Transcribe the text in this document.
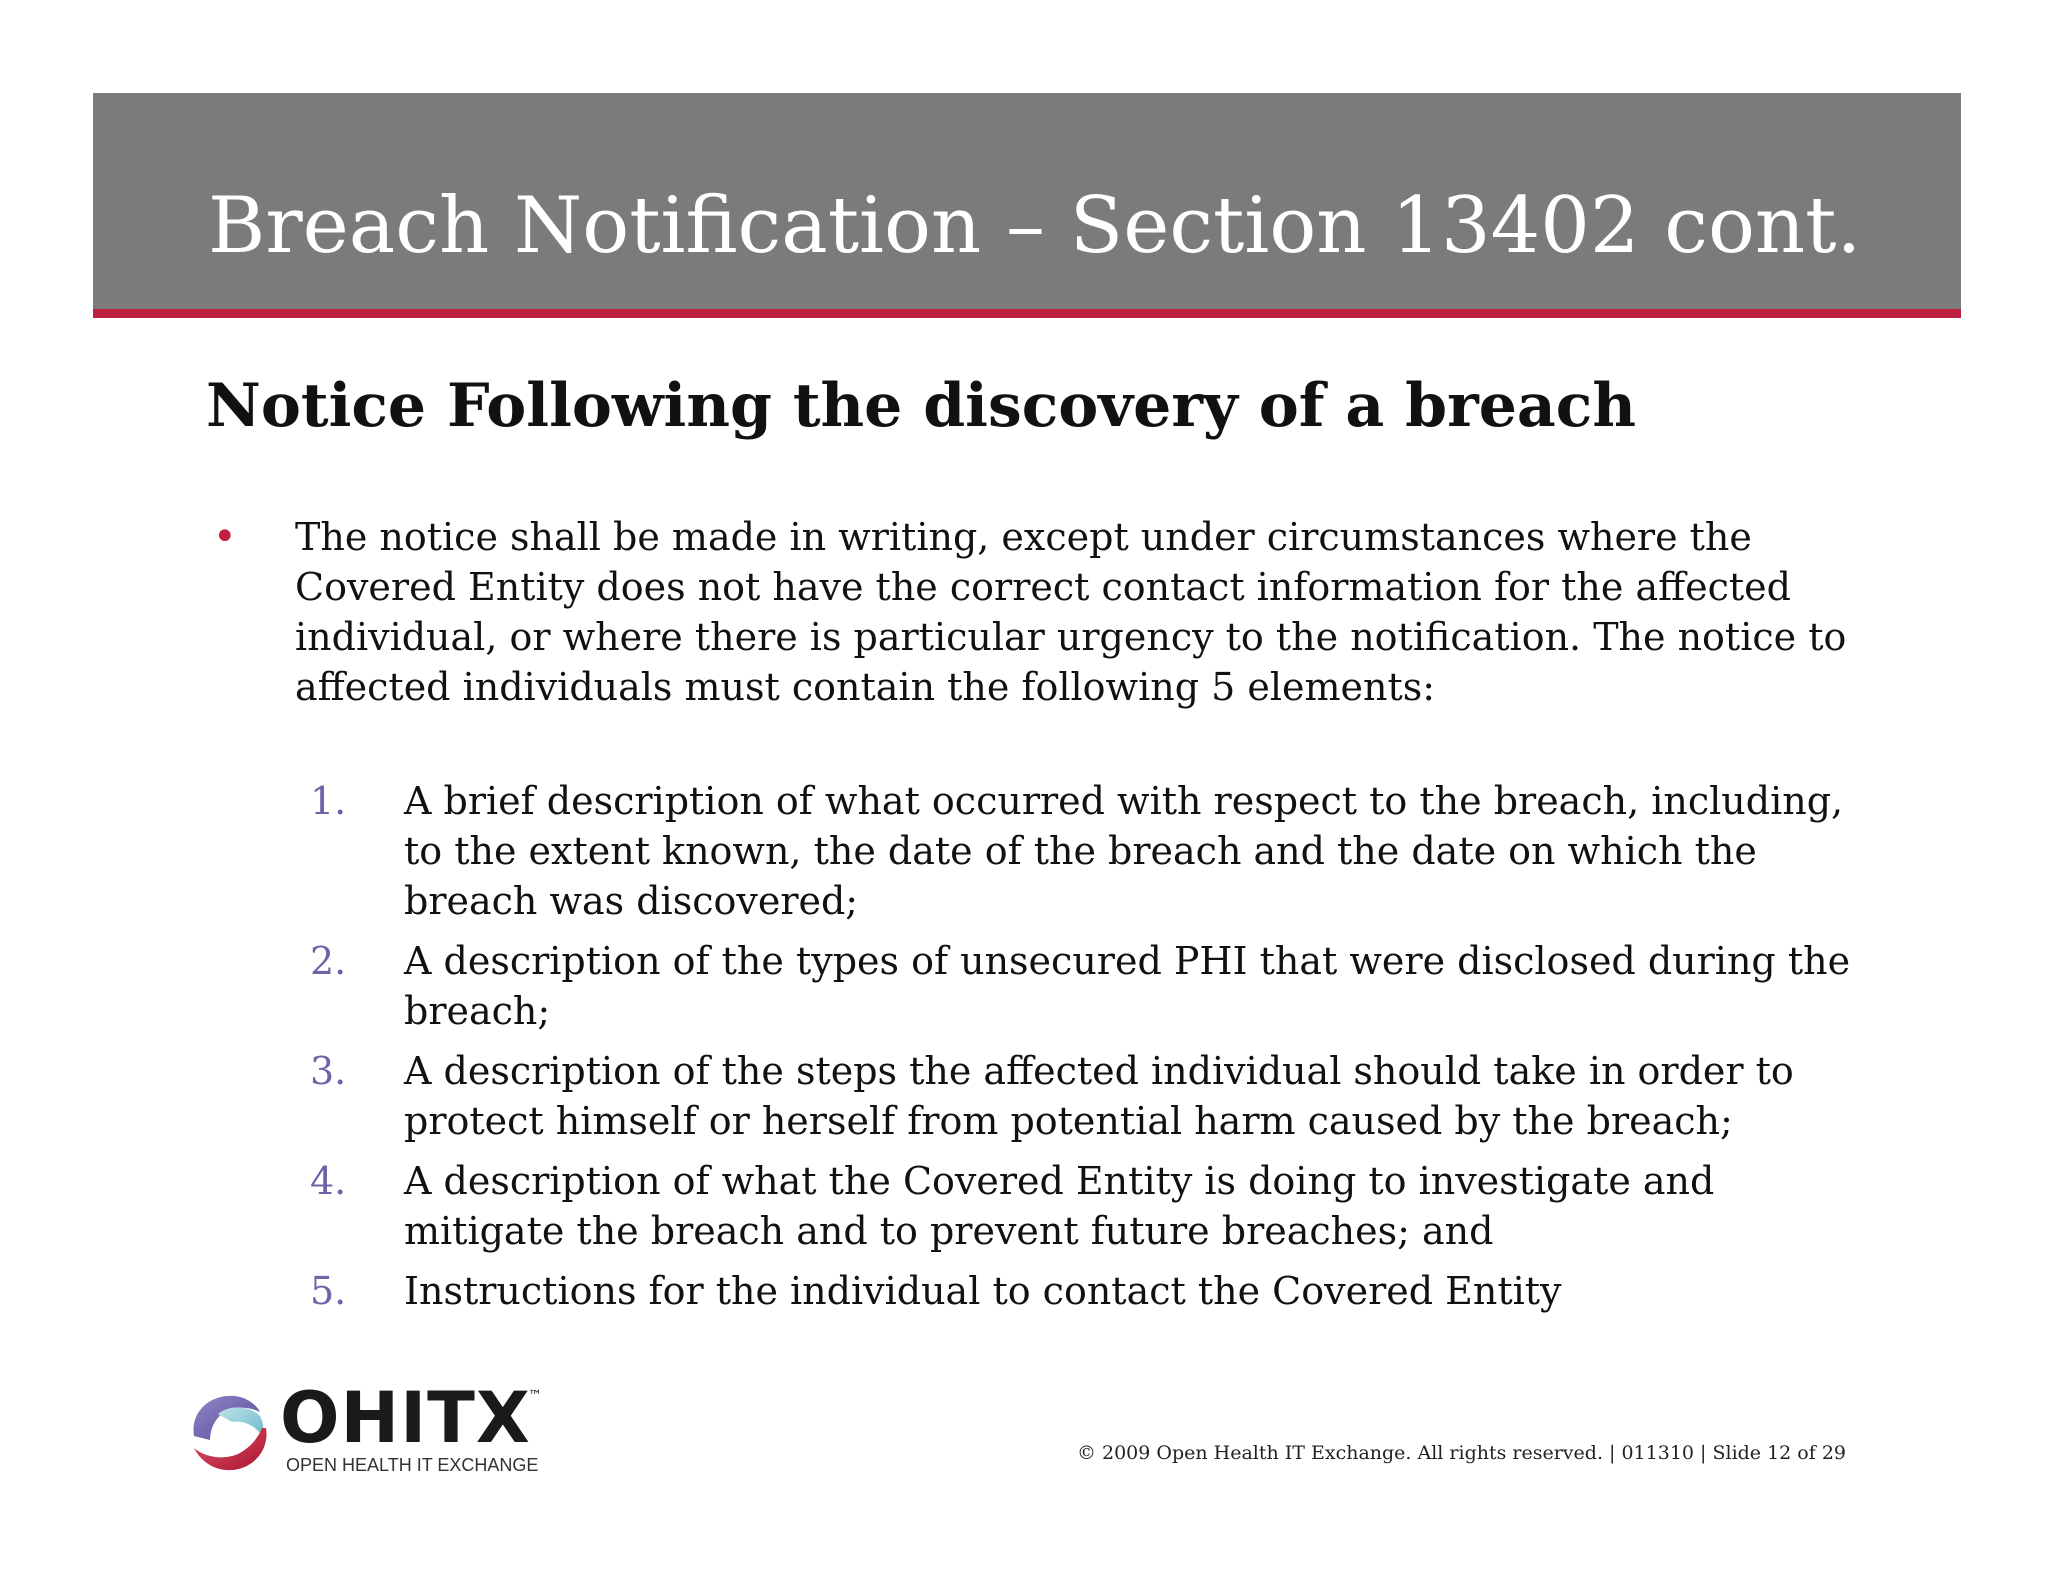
Breach Notification – Section 13402 cont.
Notice Following the discovery of a breach
• The notice shall be made in writing, except under circumstances where the Covered Entity does not have the correct contact information for the affected individual, or where there is particular urgency to the notification. The notice to affected individuals must contain the following 5 elements:
1. A brief description of what occurred with respect to the breach, including, to the extent known, the date of the breach and the date on which the breach was discovered;
2. A description of the types of unsecured PHI that were disclosed during the breach;
3. A description of the steps the affected individual should take in order to protect himself or herself from potential harm caused by the breach;
4. A description of what the Covered Entity is doing to investigate and mitigate the breach and to prevent future breaches; and
5. Instructions for the individual to contact the Covered Entity
OHITX
™
OPEN HEALTH IT EXCHANGE
© 2009 Open Health IT Exchange. All rights reserved. | 011310 | Slide 12 of 29
